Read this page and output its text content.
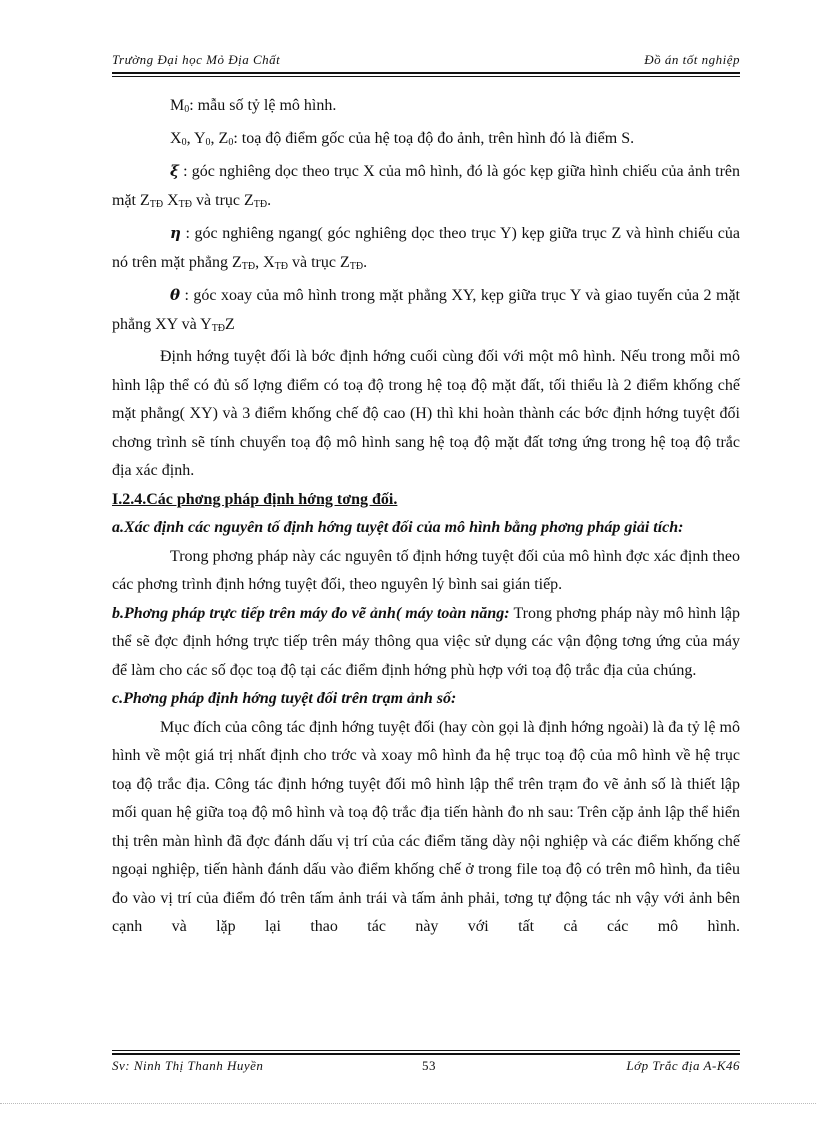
Trường Đại học Mỏ Địa Chất	Đồ án tốt nghiệp

$M_0$: mẫu số tỷ lệ mô hình.

$X_0$, $Y_0$, $Z_0$: toạ độ điểm gốc của hệ toạ độ đo ảnh, trên hình đó là điểm S.

ξ : góc nghiêng dọc theo trục X của mô hình, đó là góc kẹp giữa hình chiếu của ảnh trên mặt $Z_{TĐ}$ $X_{TĐ}$ và trục $Z_{TĐ}$.

η : góc nghiêng ngang( góc nghiêng dọc theo trục Y) kẹp giữa trục Z và hình chiếu của nó trên mặt phẳng $Z_{TĐ}$, $X_{TĐ}$ và trục $Z_{TĐ}$.

θ : góc xoay của mô hình trong mặt phẳng XY, kẹp giữa trục Y và giao tuyến của 2 mặt phẳng XY và $Y_{TĐ}Z$

Định hớng tuyệt đối là bớc định hớng cuối cùng đối với một mô hình. Nếu trong mỗi mô hình lập thể có đủ số lợng điểm có toạ độ trong hệ toạ độ mặt đất, tối thiểu là 2 điểm khống chế mặt phẳng( XY) và 3 điểm khống chế độ cao (H) thì khi hoàn thành các bớc định hớng tuyệt đối chơng trình sẽ tính chuyển toạ độ mô hình sang hệ toạ độ mặt đất tơng ứng trong hệ toạ độ trắc địa xác định.

I.2.4.Các phơng pháp định hớng tơng đối.

a.Xác định các nguyên tố định hớng tuyệt đối của mô hình bằng phơng pháp giải tích:

Trong phơng pháp này các nguyên tố định hớng tuyệt đối của mô hình đợc xác định theo các phơng trình định hớng tuyệt đối, theo nguyên lý bình sai gián tiếp.

b.Phơng pháp trực tiếp trên máy đo vẽ ảnh( máy toàn năng: Trong phơng pháp này mô hình lập thể sẽ đợc định hớng trực tiếp trên máy thông qua việc sử dụng các vận động tơng ứng của máy để làm cho các số đọc toạ độ tại các điểm định hớng phù hợp với toạ độ trắc địa của chúng.

c.Phơng pháp định hớng tuyệt đối trên trạm ảnh số:

Mục đích của công tác định hớng tuyệt đối (hay còn gọi là định hớng ngoài) là đa tỷ lệ mô hình về một giá trị nhất định cho trớc và xoay mô hình đa hệ trục toạ độ của mô hình về hệ trục toạ độ trắc địa. Công tác định hớng tuyệt đối mô hình lập thể trên trạm đo vẽ ảnh số là thiết lập mối quan hệ giữa toạ độ mô hình và toạ độ trắc địa tiến hành đo nh sau: Trên cặp ảnh lập thể hiển thị trên màn hình đã đợc đánh dấu vị trí của các điểm tăng dày nội nghiệp và các điểm khống chế ngoại nghiệp, tiến hành đánh dấu vào điểm khống chế ở trong file toạ độ có trên mô hình, đa tiêu đo vào vị trí của điểm đó trên tấm ảnh trái và tấm ảnh phải, tơng tự động tác nh vậy với ảnh bên cạnh và lặp lại thao tác này với tất cả các mô hình.

Sv: Ninh Thị Thanh Huyền	53	Lớp Trắc địa A-K46
